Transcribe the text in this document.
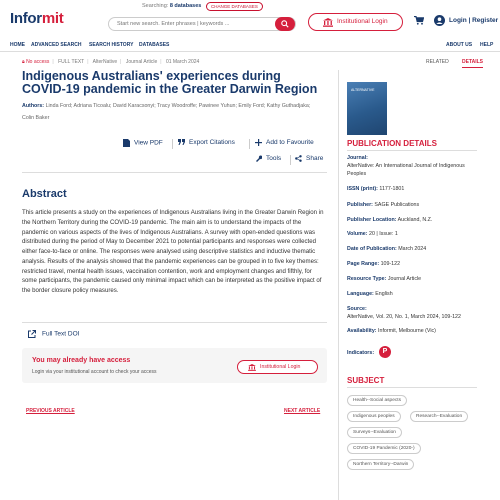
Searching: 8 databases	CHANGE DATABASES
Informit
Start new search. Enter phrases | keywords ...	Institutional Login	Login | Register
HOME ADVANCED SEARCH SEARCH HISTORY DATABASES	ABOUT US HELP
🔒︎ No access | FULL TEXT | AlterNative | Journal Article | 01 March 2024
Indigenous Australians' experiences during COVID-19 pandemic in the Greater Darwin Region
Authors: Linda Ford; Adriana Ticoalu; David Karacsonyi; Tracy Woodroffe; Pawinee Yuhun; Emily Ford; Kathy Guthadjaka; Colin Baker
View PDF	Export Citations	Add to Favourite
Tools	Share
Abstract
This article presents a study on the experiences of Indigenous Australians living in the Greater Darwin Region in the Northern Territory during the COVID-19 pandemic. The main aim is to understand the impacts of the pandemic on various aspects of the lives of Indigenous Australians. A survey with open-ended questions was distributed during the period of May to December 2021 to potential participants and responses were collected either face-to-face or online. The responses were analysed using descriptive statistics and inductive thematic analysis. Results of the analysis showed that the pandemic experiences can be grouped in to five key themes: restricted travel, mental health issues, vaccination contention, work and employment changes and fifthly, for some participants, the pandemic caused only minimal impact which can be interpreted as the positive impact of the border closure policy measures.
Full Text DOI
You may already have access
Login via your institutional account to check your access
Institutional Login
PREVIOUS ARTICLE	NEXT ARTICLE
RELATED	DETAILS
ALTERNATIVE
PUBLICATION DETAILS
Journal:
AlterNative: An International Journal of Indigenous Peoples
ISSN (print): 1177-1801
Publisher: SAGE Publications
Publisher Location: Auckland, N.Z.
Volume: 20 | Issue: 1
Date of Publication: March 2024
Page Range: 109-122
Resource Type: Journal Article
Language: English
Source:
AlterNative, Vol. 20, No. 1, March 2024, 109-122
Availability: Informit, Melbourne (Vic)
Indicators:	P
SUBJECT
Health--Social aspects
Indigenous peoples	Research--Evaluation
Surveys--Evaluation
COVID-19 Pandemic (2020-)
Northern Territory--Darwin
